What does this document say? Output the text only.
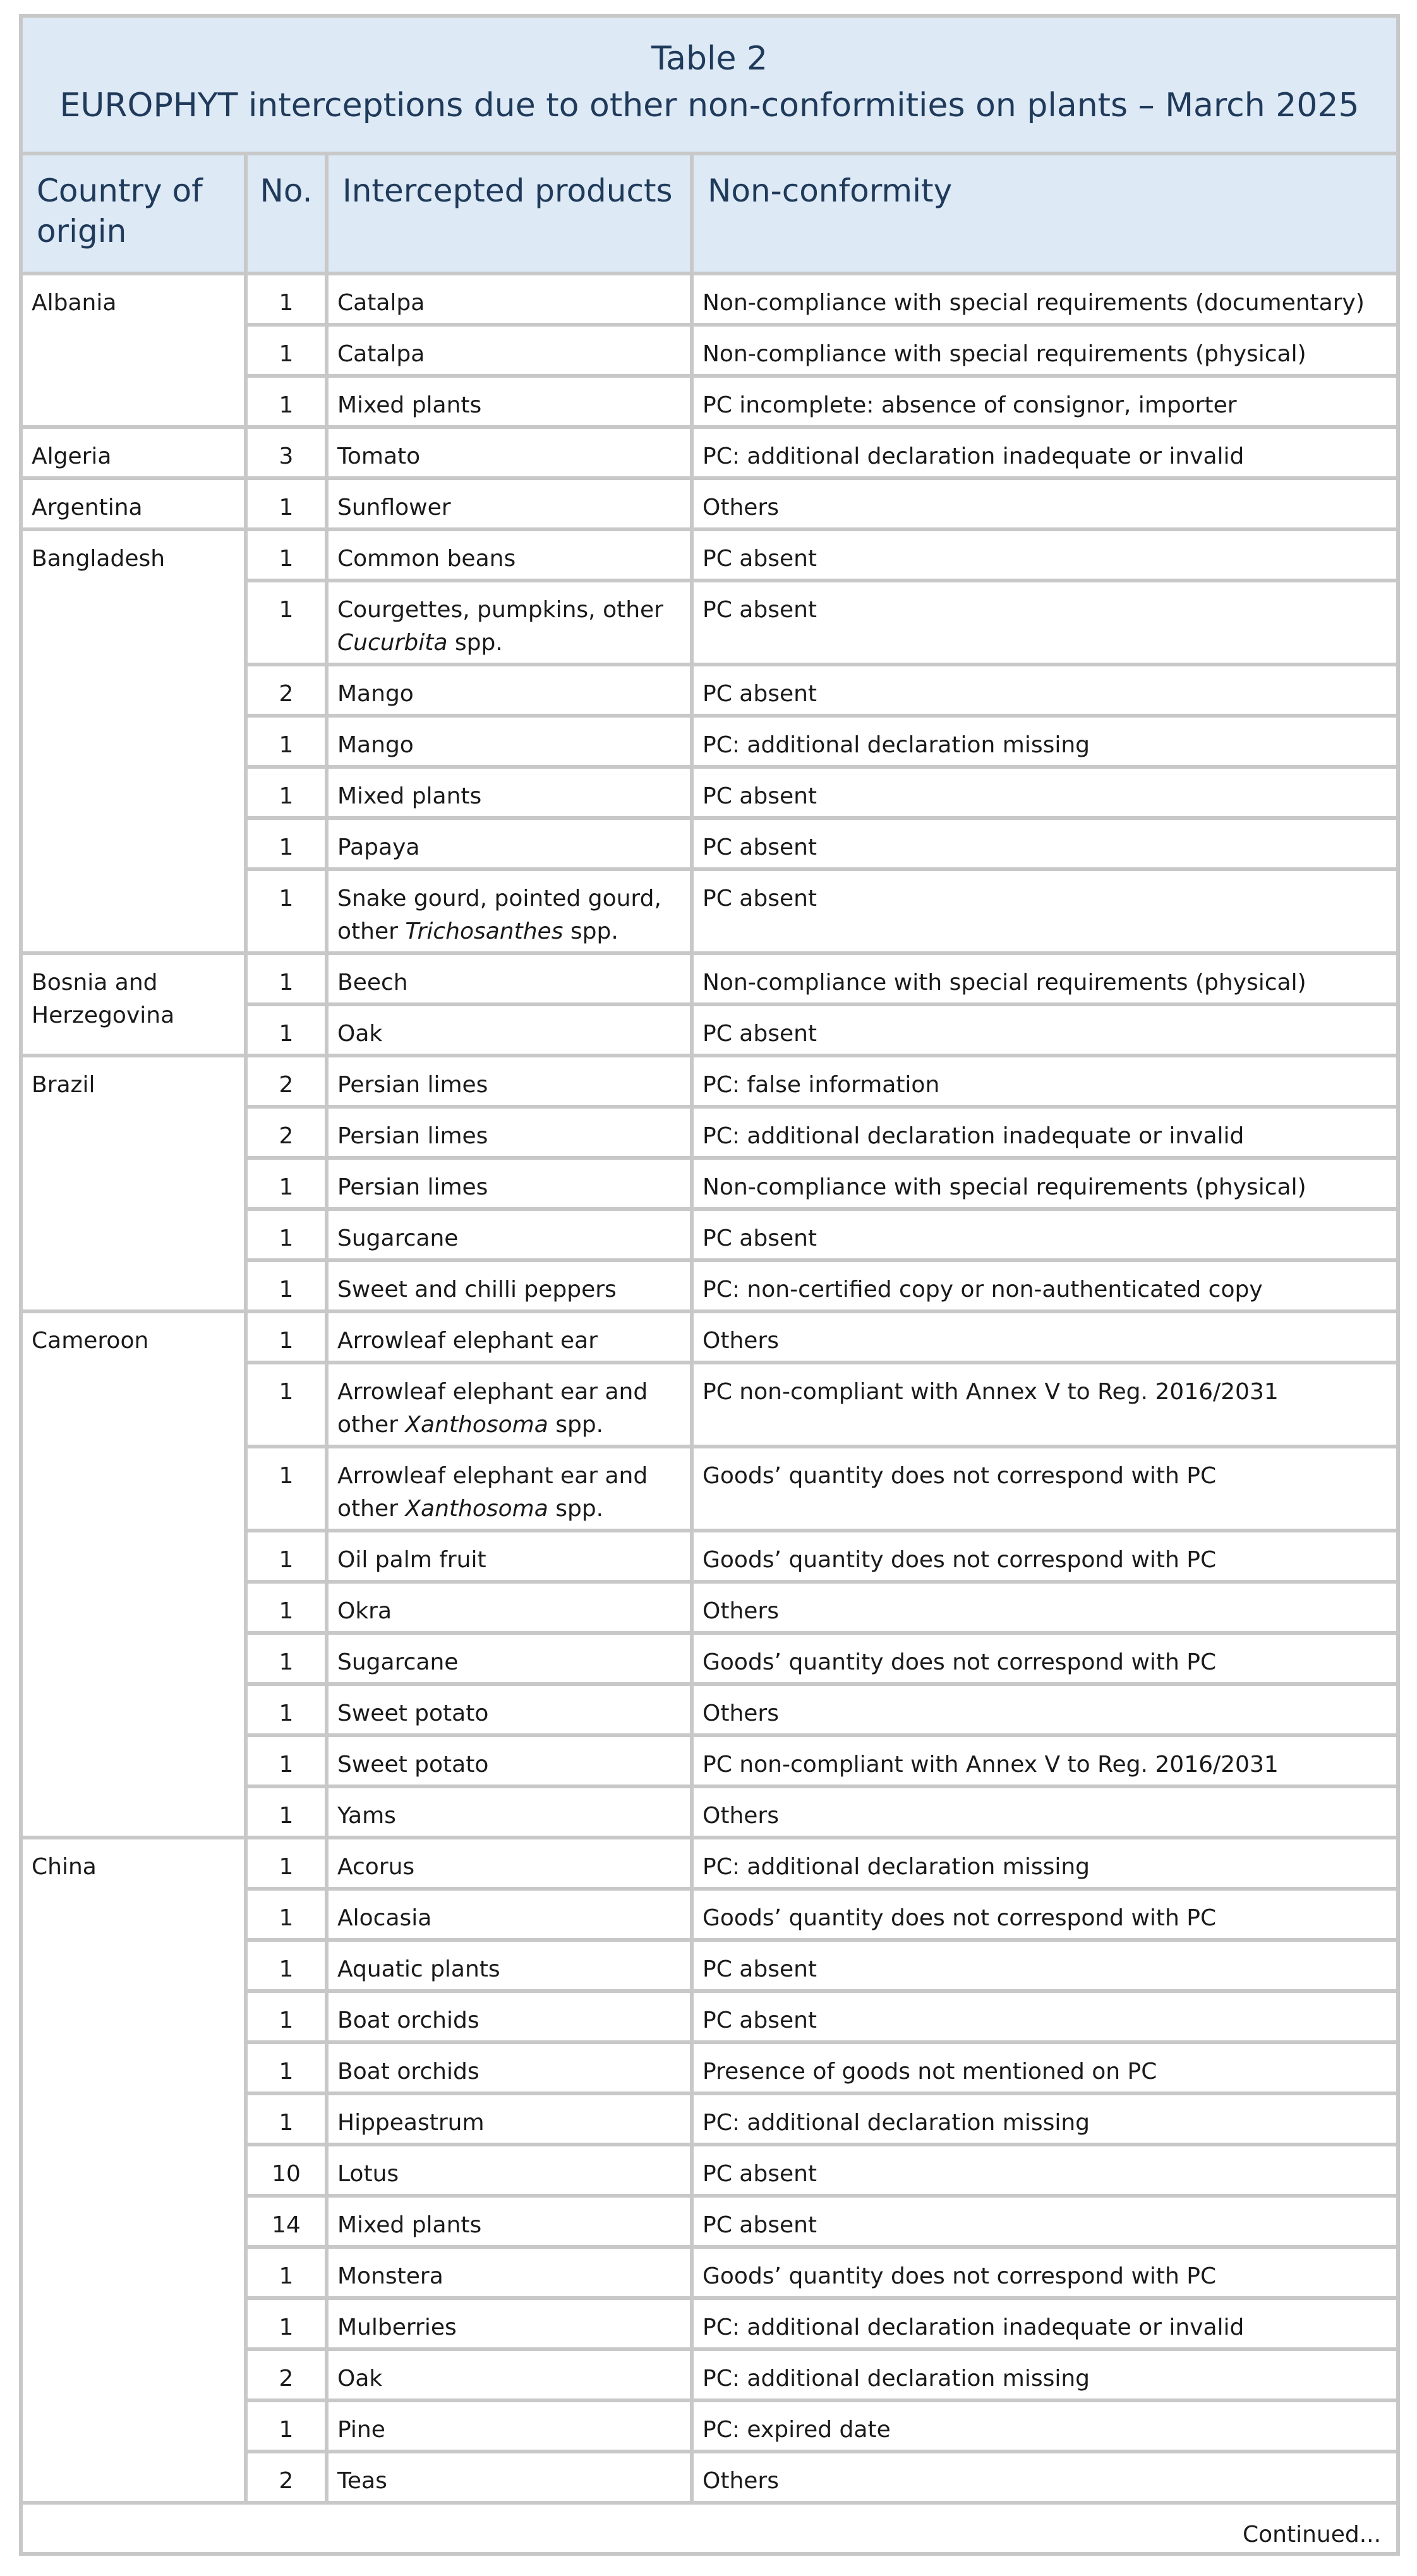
Table 2
EUROPHYT interceptions due to other non-conformities on plants – March 2025			

Country of origin	No.	Intercepted products	Non-conformity
Albania	1	Catalpa	Non-compliance with special requirements (documentary)
	1	Catalpa	Non-compliance with special requirements (physical)
	1	Mixed plants	PC incomplete: absence of consignor, importer
Algeria	3	Tomato	PC: additional declaration inadequate or invalid
Argentina	1	Sunflower	Others
Bangladesh	1	Common beans	PC absent
	1	Courgettes, pumpkins, other Cucurbita spp.	PC absent
	2	Mango	PC absent
	1	Mango	PC: additional declaration missing
	1	Mixed plants	PC absent
	1	Papaya	PC absent
	1	Snake gourd, pointed gourd, other Trichosanthes spp.	PC absent
Bosnia and Herzegovina	1	Beech	Non-compliance with special requirements (physical)
	1	Oak	PC absent
Brazil	2	Persian limes	PC: false information
	2	Persian limes	PC: additional declaration inadequate or invalid
	1	Persian limes	Non-compliance with special requirements (physical)
	1	Sugarcane	PC absent
	1	Sweet and chilli peppers	PC: non-certified copy or non-authenticated copy
Cameroon	1	Arrowleaf elephant ear	Others
	1	Arrowleaf elephant ear and other Xanthosoma spp.	PC non-compliant with Annex V to Reg. 2016/2031
	1	Arrowleaf elephant ear and other Xanthosoma spp.	Goods’ quantity does not correspond with PC
	1	Oil palm fruit	Goods’ quantity does not correspond with PC
	1	Okra	Others
	1	Sugarcane	Goods’ quantity does not correspond with PC
	1	Sweet potato	Others
	1	Sweet potato	PC non-compliant with Annex V to Reg. 2016/2031
	1	Yams	Others
China	1	Acorus	PC: additional declaration missing
	1	Alocasia	Goods’ quantity does not correspond with PC
	1	Aquatic plants	PC absent
	1	Boat orchids	PC absent
	1	Boat orchids	Presence of goods not mentioned on PC
	1	Hippeastrum	PC: additional declaration missing
	10	Lotus	PC absent
	14	Mixed plants	PC absent
	1	Monstera	Goods’ quantity does not correspond with PC
	1	Mulberries	PC: additional declaration inadequate or invalid
	2	Oak	PC: additional declaration missing
	1	Pine	PC: expired date
	2	Teas	Others
Continued...			
